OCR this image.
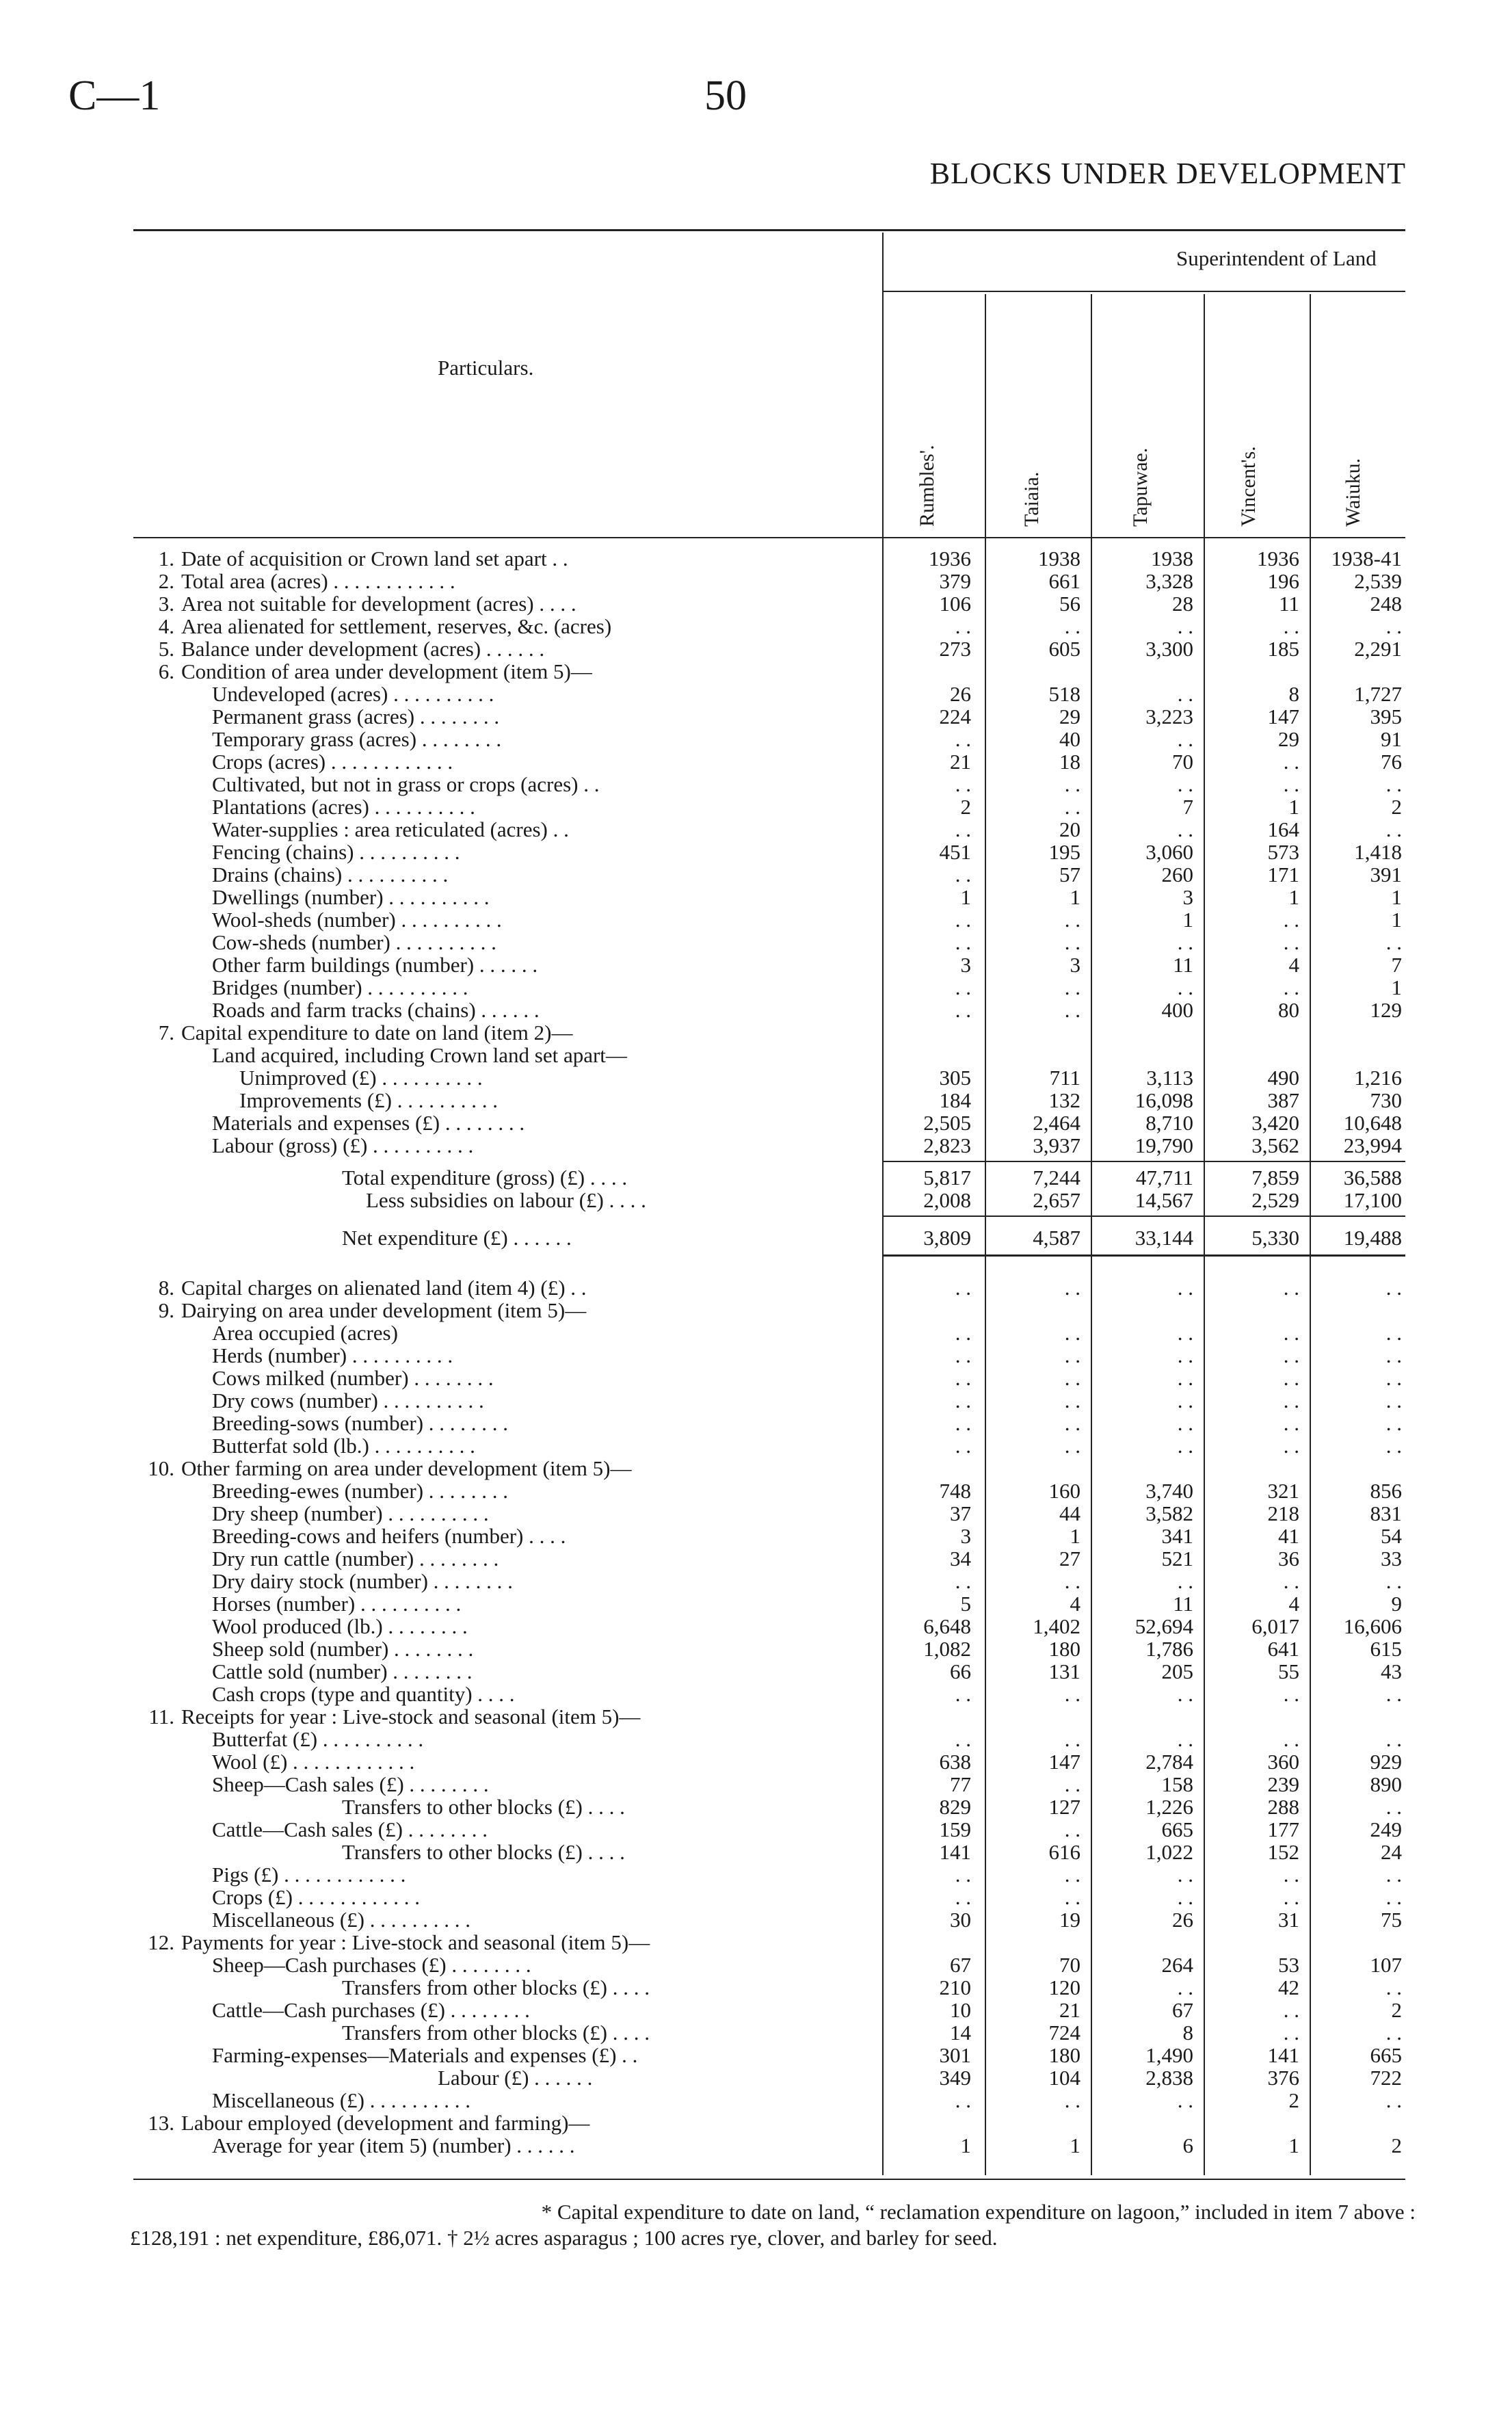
C—1	50
BLOCKS UNDER DEVELOPMENT
Superintendent of Land
Particulars.
Rumbles'.	Taiaia.	Tapuwae.	Vincent's.	Waiuku.
1. Date of acquisition or Crown land set apart . .	1936	1938	1938	1936 1938-41
2. Total area (acres) . . . . . . . . . . . .	379	661	3,328	196	2,539
3. Area not suitable for development (acres) . . . .	106	56	28	11	248
4. Area alienated for settlement, reserves, &c. (acres)	. .	. .	. .	. .	. .
5. Balance under development (acres) . . . . . .	273	605	3,300	185	2,291
6. Condition of area under development (item 5)—
Undeveloped (acres) . . . . . . . . . .	26	518	. .	8	1,727
Permanent grass (acres) . . . . . . . .	224	29	3,223	147	395
Temporary grass (acres) . . . . . . . .	. .	40	. .	29	91
Crops (acres) . . . . . . . . . . . .	21	18	70	. .	76
Cultivated, but not in grass or crops (acres) . .	. .	. .	. .	. .	. .
Plantations (acres) . . . . . . . . . .	2	. .	7	1	2
Water-supplies : area reticulated (acres) . .	. .	20	. .	164	. .
Fencing (chains) . . . . . . . . . .	451	195	3,060	573	1,418
Drains (chains) . . . . . . . . . .	. .	57	260	171	391
Dwellings (number) . . . . . . . . . .	1	1	3	1	1
Wool-sheds (number) . . . . . . . . . .	. .	. .	1	. .	1
Cow-sheds (number) . . . . . . . . . .	. .	. .	. .	. .	. .
Other farm buildings (number) . . . . . .	3	3	11	4	7
Bridges (number) . . . . . . . . . .	. .	. .	. .	. .	1
Roads and farm tracks (chains) . . . . . .	. .	. .	400	80	129
7. Capital expenditure to date on land (item 2)—
Land acquired, including Crown land set apart—
Unimproved (£) . . . . . . . . . .	305	711	3,113	490	1,216
Improvements (£) . . . . . . . . . .	184	132	16,098	387	730
Materials and expenses (£) . . . . . . . .	2,505	2,464	8,710	3,420 10,648
Labour (gross) (£) . . . . . . . . . .	2,823	3,937	19,790	3,562 23,994
Total expenditure (gross) (£) . . . .	5,817	7,244	47,711	7,859 36,588
Less subsidies on labour (£) . . . .	2,008	2,657	14,567	2,529 17,100
Net expenditure (£) . . . . . .	3,809	4,587	33,144	5,330 19,488
8. Capital charges on alienated land (item 4) (£) . .	. .	. .	. .	. .	. .
9. Dairying on area under development (item 5)—
Area occupied (acres)	. .	. .	. .	. .	. .
Herds (number) . . . . . . . . . .	. .	. .	. .	. .	. .
Cows milked (number) . . . . . . . .	. .	. .	. .	. .	. .
Dry cows (number) . . . . . . . . . .	. .	. .	. .	. .	. .
Breeding-sows (number) . . . . . . . .	. .	. .	. .	. .	. .
Butterfat sold (lb.) . . . . . . . . . .	. .	. .	. .	. .	. .
10. Other farming on area under development (item 5)—
Breeding-ewes (number) . . . . . . . .	748	160	3,740	321	856
Dry sheep (number) . . . . . . . . . .	37	44	3,582	218	831
Breeding-cows and heifers (number) . . . .	3	1	341	41	54
Dry run cattle (number) . . . . . . . .	34	27	521	36	33
Dry dairy stock (number) . . . . . . . .	. .	. .	. .	. .	. .
Horses (number) . . . . . . . . . .	5	4	11	4	9
Wool produced (lb.) . . . . . . . .	6,648	1,402	52,694	6,017 16,606
Sheep sold (number) . . . . . . . .	1,082	180	1,786	641	615
Cattle sold (number) . . . . . . . .	66	131	205	55	43
Cash crops (type and quantity) . . . .	. .	. .	. .	. .	. .
11. Receipts for year : Live-stock and seasonal (item 5)—
Butterfat (£) . . . . . . . . . .	. .	. .	. .	. .	. .
Wool (£) . . . . . . . . . . . .	638	147	2,784	360	929
Sheep—Cash sales (£) . . . . . . . .	77	. .	158	239	890
Transfers to other blocks (£) . . . .	829	127	1,226	288	. .
Cattle—Cash sales (£) . . . . . . . .	159	. .	665	177	249
Transfers to other blocks (£) . . . .	141	616	1,022	152	24
Pigs (£) . . . . . . . . . . . .	. .	. .	. .	. .	. .
Crops (£) . . . . . . . . . . . .	. .	. .	. .	. .	. .
Miscellaneous (£) . . . . . . . . . .	30	19	26	31	75
12. Payments for year : Live-stock and seasonal (item 5)—
Sheep—Cash purchases (£) . . . . . . . .	67	70	264	53	107
Transfers from other blocks (£) . . . .	210	120	. .	42	. .
Cattle—Cash purchases (£) . . . . . . . .	10	21	67	. .	2
Transfers from other blocks (£) . . . .	14	724	8	. .	. .
Farming-expenses—Materials and expenses (£) . .	301	180	1,490	141	665
Labour (£) . . . . . .	349	104	2,838	376	722
Miscellaneous (£) . . . . . . . . . .	. .	. .	. .	2	. .
13. Labour employed (development and farming)—
Average for year (item 5) (number) . . . . . .	1	1	6	1	2
* Capital expenditure to date on land, “ reclamation expenditure on lagoon,” included in item 7 above :
£128,191 : net expenditure, £86,071. † 2½ acres asparagus ; 100 acres rye, clover, and barley for seed.
